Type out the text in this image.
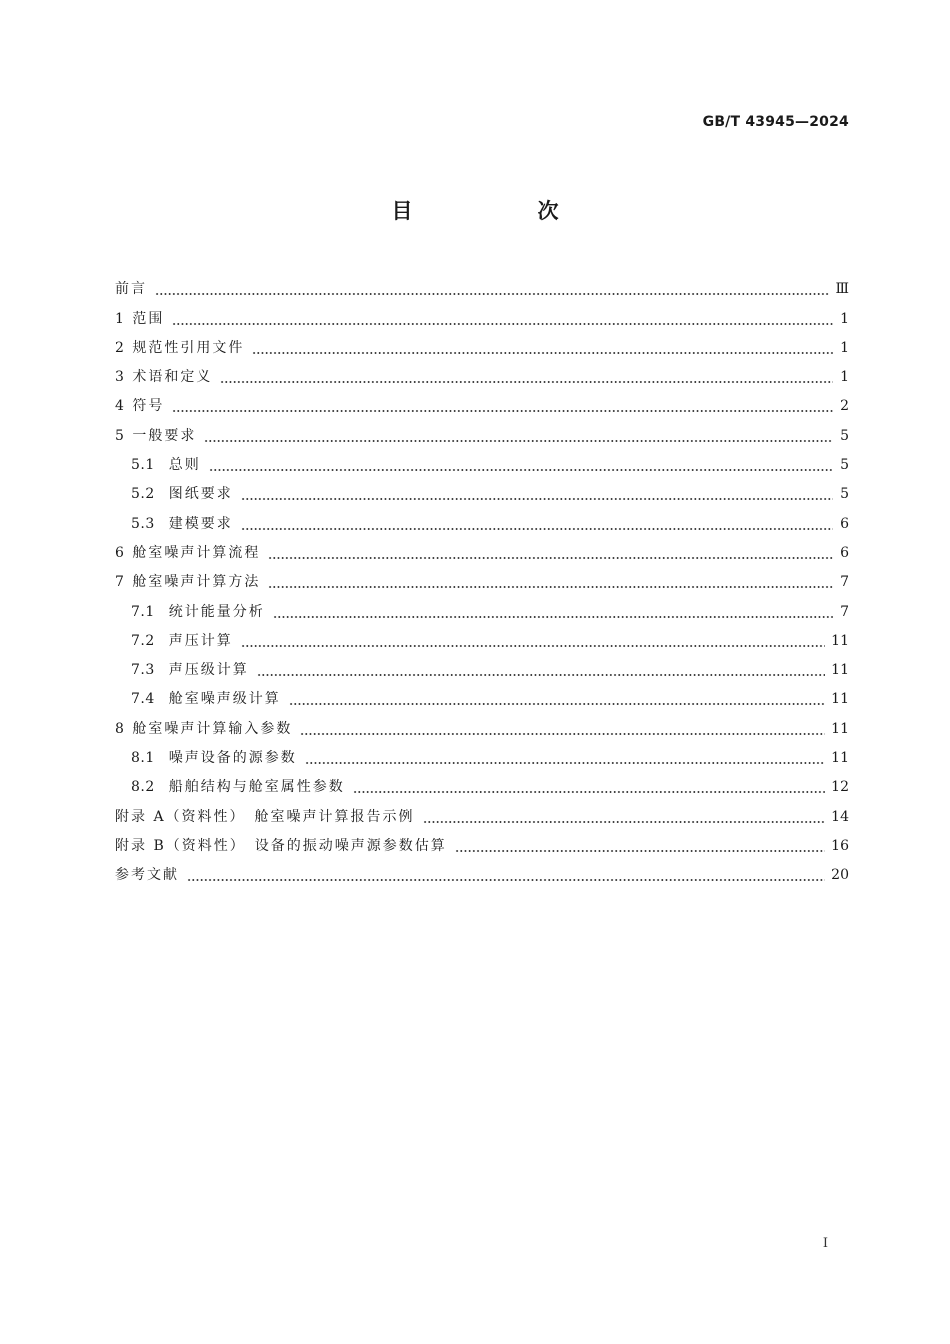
GB/T 43945—2024
目　次
前言	Ⅲ
1 范围	1
2 规范性引用文件	1
3 术语和定义	1
4 符号	2
5 一般要求	5
5.1 总则	5
5.2 图纸要求	5
5.3 建模要求	6
6 舱室噪声计算流程	6
7 舱室噪声计算方法	7
7.1 统计能量分析	7
7.2 声压计算	11
7.3 声压级计算	11
7.4 舱室噪声级计算	11
8 舱室噪声计算输入参数	11
8.1 噪声设备的源参数	11
8.2 船舶结构与舱室属性参数	12
附录 A（资料性）　舱室噪声计算报告示例	14
附录 B（资料性）　设备的振动噪声源参数估算	16
参考文献	20
I
